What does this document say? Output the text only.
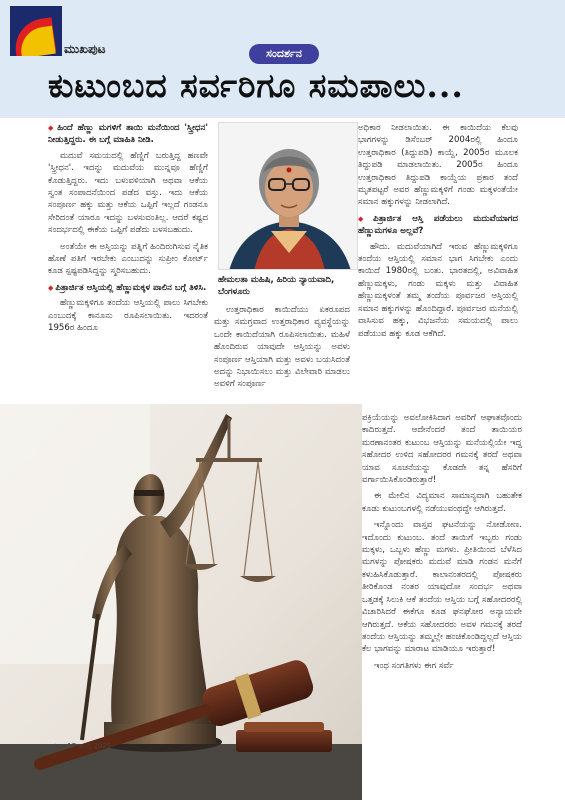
ಮುಖಪುಟ	ಸಂದರ್ಶನ
ಕುಟುಂಬದ ಸರ್ವರಿಗೂ ಸಮಪಾಲು...

◆ ಹಿಂದೆ ಹೆಣ್ಣು ಮಗಳಿಗೆ ತಾಯಿ ಮನೆಯಿಂದ 'ಸ್ತ್ರೀಧನ' ನೀಡುತ್ತಿದ್ದರು. ಈ ಬಗ್ಗೆ ಮಾಹಿತಿ ನೀಡಿ.

ಮದುವೆ ಸಮಯದಲ್ಲಿ ಹೆಣ್ಣಿಗೆ ಬರುತ್ತಿದ್ದ ಹಣವೇ 'ಸ್ತ್ರೀಧನ'. ಇದನ್ನು ಮದುವೆಯ ಮುನ್ನವೂ ಹೆಣ್ಣಿಗೆ ಕೊಡುತ್ತಿದ್ದರು. ಇದು ಬಳುವಳಿಯಾಗಿ ಅಥವಾ ಆಕೆಯ ಸ್ವಂತ ಸಂಪಾದನೆಯಿಂದ ಪಡೆದ ವಸ್ತು. ಇದು ಆಕೆಯ ಸಂಪೂರ್ಣ ಹಕ್ಕು ಮತ್ತು ಆಕೆಯ ಒಪ್ಪಿಗೆ ಇಲ್ಲದೆ ಗಂಡನೂ ಸೇರಿದಂತೆ ಯಾರೂ ಇದನ್ನು ಬಳಸುವಂತಿಲ್ಲ. ಆದರೆ ಕಷ್ಟದ ಸಂದರ್ಭದಲ್ಲಿ ಈಕೆಯ ಒಪ್ಪಿಗೆ ಪಡೆದು ಬಳಸಬಹುದು.

ಅಂತೆಯೇ ಈ ಅಸ್ತಿಯನ್ನು ಪತ್ನಿಗೆ ಹಿಂದಿರುಗಿಸುವ ನೈತಿಕ ಹೊಣೆ ಪತಿಗೆ ಇರಬೇಕು ಎಂಬುದನ್ನು ಸುಪ್ರೀಂ ಕೋರ್ಟ್ ಕೂಡ ಸ್ಪಷ್ಟಪಡಿಸಿದ್ದನ್ನು ಸ್ಮರಿಸಬಹುದು.

◆ ಪಿತ್ರಾರ್ಜಿತ ಆಸ್ತಿಯಲ್ಲಿ ಹೆಣ್ಣುಮಕ್ಕಳ ಪಾಲಿನ ಬಗ್ಗೆ ತಿಳಿಸಿ.

ಹೆಣ್ಣುಮಕ್ಕಳಿಗೂ ತಂದೆಯ ಆಸ್ತಿಯಲ್ಲಿ ಪಾಲು ಸಿಗಬೇಕು ಎಂಬುದಕ್ಕೆ ಕಾನೂನು ರೂಪಿಸಲಾಯಿತು. ಇದರಂತೆ 1956ರ ಹಿಂದೂ

ಹೇಮಲತಾ ಮಹಿಷಿ, ಹಿರಿಯ ನ್ಯಾಯವಾದಿ, ಬೆಂಗಳೂರು

ಉತ್ತರಾಧಿಕಾರ ಕಾಯಿದೆಯು ಏಕರೂಪದ ಮತ್ತು ಸಮಗ್ರವಾದ ಉತ್ತರಾಧಿಕಾರ ವ್ಯವಸ್ಥೆಯನ್ನು ಒಂದೇ ಕಾಯಿದೆಯಾಗಿ ರೂಪಿಸಲಾಯಿತು. ಮಹಿಳೆ ಹೊಂದಿರುವ ಯಾವುದೇ ಆಸ್ತಿಯನ್ನು ಅವಳು ಸಂಪೂರ್ಣ ಆಸ್ತಿಯಾಗಿ ಮತ್ತು ಅವಳು ಬಯಸಿದಂತೆ ಅದನ್ನು ನಿಭಾಯಿಸಲು ಮತ್ತು ವಿಲೇವಾರಿ ಮಾಡಲು ಅವಳಿಗೆ ಸಂಪೂರ್ಣ

ಅಧಿಕಾರ ನೀಡಲಾಯಿತು. ಈ ಕಾಯಿದೆಯ ಕೆಲವು ಭಾಗಗಳನ್ನು ಡಿಸೆಂಬರ್ 2004ರಲ್ಲಿ ಹಿಂದೂ ಉತ್ತರಾಧಿಕಾರ (ತಿದ್ದುಪಡಿ) ಕಾಯ್ದೆ, 2005ರ ಮೂಲಕ ತಿದ್ದುಪಡಿ ಮಾಡಲಾಯಿತು. 2005ರ ಹಿಂದೂ ಉತ್ತರಾಧಿಕಾರ ತಿದ್ದುಪಡಿ ಕಾಯ್ದೆಯ ಪ್ರಕಾರ ತಂದೆ ಮೃತಪಟ್ಟರೆ ಅವರ ಹೆಣ್ಣುಮಕ್ಕಳಿಗೆ ಗಂಡು ಮಕ್ಕಳಂತೆಯೇ ಸಮಾನ ಹಕ್ಕುಗಳನ್ನು ನೀಡಲಾಗಿದೆ.

◆ ಪಿತ್ರಾರ್ಜಿತ ಆಸ್ತಿ ಪಡೆಯಲು ಮದುವೆಯಾಗದ ಹೆಣ್ಣುಮಗಳೂ ಅಲ್ಲವೆ?

ಹೌದು. ಮದುವೆಯಾಗಿದೆ ಇರುವ ಹೆಣ್ಣುಮಕ್ಕಳಿಗೂ ತಂದೆಯ ಆಸ್ತಿಯಲ್ಲಿ ಸಮಾನ ಭಾಗ ಸಿಗಬೇಕು ಎಂದು ಕಾಯಿದೆ 1980ರಲ್ಲಿ ಬಂತು. ಭಾರತದಲ್ಲಿ, ಅವಿವಾಹಿತ ಹೆಣ್ಣುಮಕ್ಕಳು, ಗಂಡು ಮಕ್ಕಳು ಮತ್ತು ವಿವಾಹಿತ ಹೆಣ್ಣುಮಕ್ಕಳಂತೆ ತಮ್ಮ ತಂದೆಯ ಪೂರ್ವಜರ ಆಸ್ತಿಯಲ್ಲಿ ಸಮಾನ ಹಕ್ಕುಗಳನ್ನು ಹೊಂದಿದ್ದಾರೆ. ಪೂರ್ವಜರ ಮನೆಯಲ್ಲಿ ವಾಸಿಸುವ ಹಕ್ಕು, ವಿಭಜನೆಯ ಸಮಯದಲ್ಲಿ ಪಾಲು ಪಡೆಯುವ ಹಕ್ಕು ಕೂಡ ಆಕೆಗಿದೆ.

ಪಕ್ರಿಯೆಯನ್ನು ಅವಲೋಕಿಸಿದಾಗ ಅವರಿಗೆ ಆಘಾತವೊಂದು ಕಾದಿರುತ್ತದೆ. ಆದೇನೆಂದರೆ ತಂದೆ ತಾಯಿಯರ ಮರಣಾನಂತರ ಕುಟುಂಬ ಆಸ್ತಿಯನ್ನು ಮನೆಯಲ್ಲಿಯೇ ಇದ್ದ ಸಹೋದರ ಉಳಿದ ಸಹೋದರರ ಗಮನಕ್ಕೆ ತರದೆ ಅಥವಾ ಯಾವ ಸೂಚನೆಯನ್ನು ಕೊಡದೇ ತನ್ನ ಹೆಸರಿಗೆ ವರ್ಗಾಯಿಸಿಕೊಂಡಿರುತ್ತಾರೆ!

ಈ ಮೇಲಿನ ವಿದ್ಯಮಾನ ಸಾಮಾನ್ಯವಾಗಿ ಬಹುತೇಕ ಕೂಡು ಕುಟುಂಬಗಳಲ್ಲಿ ನಡೆಯುವಂಥದ್ದೇ ಆಗಿರುತ್ತದೆ.

ಇನ್ನೊಂದು ವಾಸ್ತವ ಘಟನೆಯನ್ನು ನೋಡೋಣ. ಇದೊಂದು ಕುಟುಂಬ. ತಂದೆ ತಾಯಿಗೆ ಇಬ್ಬರು ಗಂಡು ಮಕ್ಕಳು, ಒಬ್ಬಳು ಹೆಣ್ಣು ಮಗಳು. ಪ್ರೀತಿಯಿಂದ ಬೆಳೆಸಿದ ಮಗಳನ್ನು ಪೋಷಕರು ಮದುವೆ ಮಾಡಿ ಗಂಡನ ಮನೆಗೆ ಕಳುಹಿಸಿಕೊಡುತ್ತಾರೆ. ಕಾಲಾನಂತರದಲ್ಲಿ ಪೋಷಕರು ತೀರಿಕೊಂಡ ನಂತರ ಯಾವುದೋ ಸಂದರ್ಭ ಅಥವಾ ಒತ್ತಡಕ್ಕೆ ಸಿಲುಕಿ ಆಕೆ ತಂದೆಯ ಆಸ್ತಿಯ ಬಗ್ಗೆ ಸಹೋದರರಲ್ಲಿ ವಿಚಾರಿಸಿದರೆ ಈಕೆಗೂ ಕೂಡ ಘನಘೋರ ಅನ್ಯಾಯವೇ ಆಗಿರುತ್ತದೆ. ಆಕೆಯ ಸಹೋದರರು ಅವಳ ಗಮನಕ್ಕೆ ತರದೆ ತಂದೆಯ ಆಸ್ತಿಯನ್ನು ತಮ್ಮಲ್ಲೇ ಹಂಚಿಕೊಂಡಿದ್ದಲ್ಲದೆ ಆಸ್ತಿಯ ಕೆಲ ಭಾಗವನ್ನು ಮಾರಾಟ ಮಾಡಿಯೂ ಇರುತ್ತಾರೆ!

ಇಂಥ ಸಂಗತಿಗಳು ಈಗ ಸರ್ವೆ

ಸುಧಾ 17 ಜುಲೈ 2025
